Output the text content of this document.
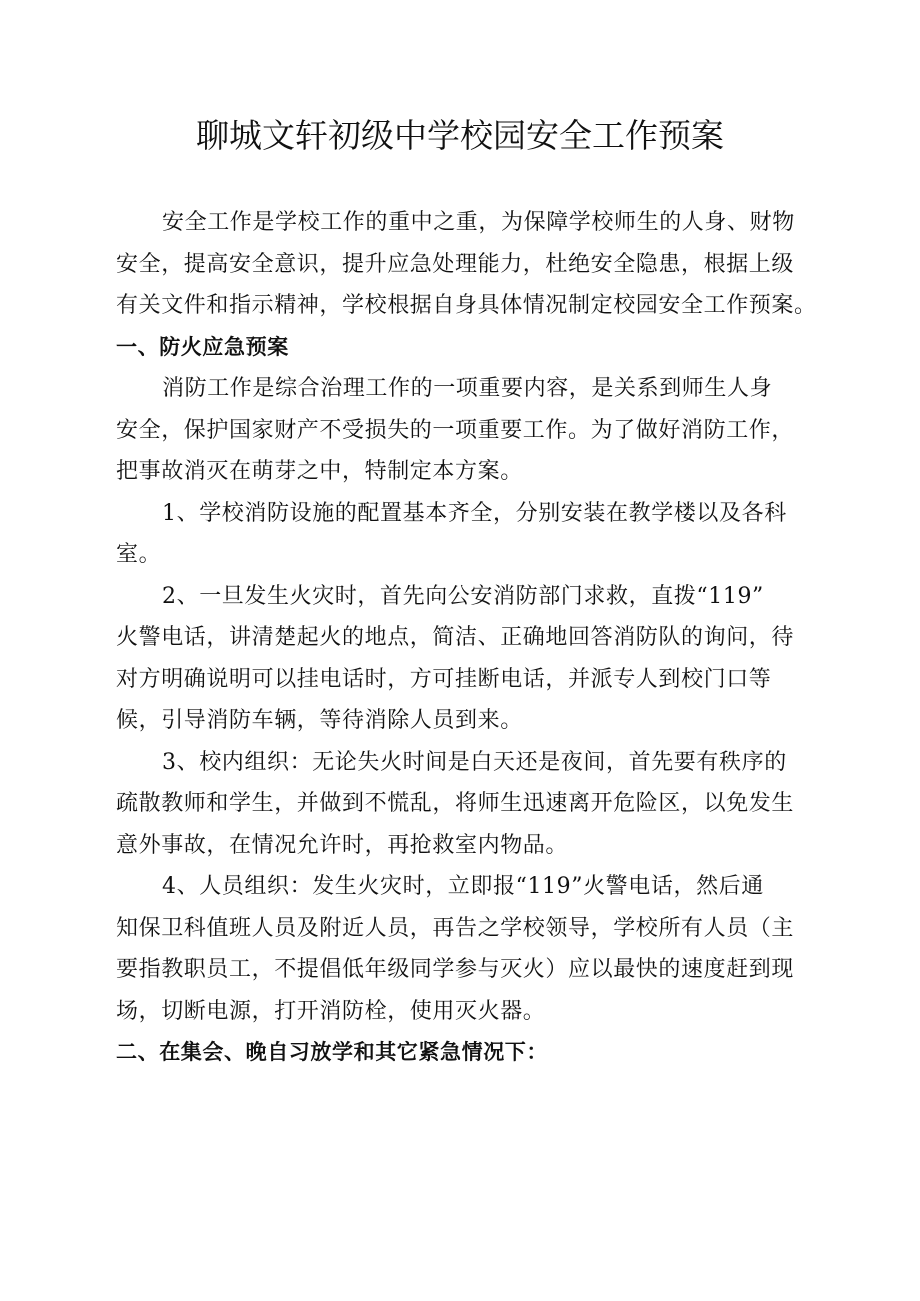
聊城文轩初级中学校园安全工作预案
安全工作是学校工作的重中之重，为保障学校师生的人身、财物
安全，提高安全意识，提升应急处理能力，杜绝安全隐患，根据上级
有关文件和指示精神，学校根据自身具体情况制定校园安全工作预案。
一、防火应急预案
消防工作是综合治理工作的一项重要内容，是关系到师生人身
安全，保护国家财产不受损失的一项重要工作。为了做好消防工作，
把事故消灭在萌芽之中，特制定本方案。
1、学校消防设施的配置基本齐全，分别安装在教学楼以及各科
室。
2、一旦发生火灾时，首先向公安消防部门求救，直拨“119”
火警电话，讲清楚起火的地点，简洁、正确地回答消防队的询问，待
对方明确说明可以挂电话时，方可挂断电话，并派专人到校门口等
候，引导消防车辆，等待消除人员到来。
3、校内组织：无论失火时间是白天还是夜间，首先要有秩序的
疏散教师和学生，并做到不慌乱，将师生迅速离开危险区，以免发生
意外事故，在情况允许时，再抢救室内物品。
4、人员组织：发生火灾时，立即报“119”火警电话，然后通
知保卫科值班人员及附近人员，再告之学校领导，学校所有人员（主
要指教职员工，不提倡低年级同学参与灭火）应以最快的速度赶到现
场，切断电源，打开消防栓，使用灭火器。
二、在集会、晚自习放学和其它紧急情况下：
